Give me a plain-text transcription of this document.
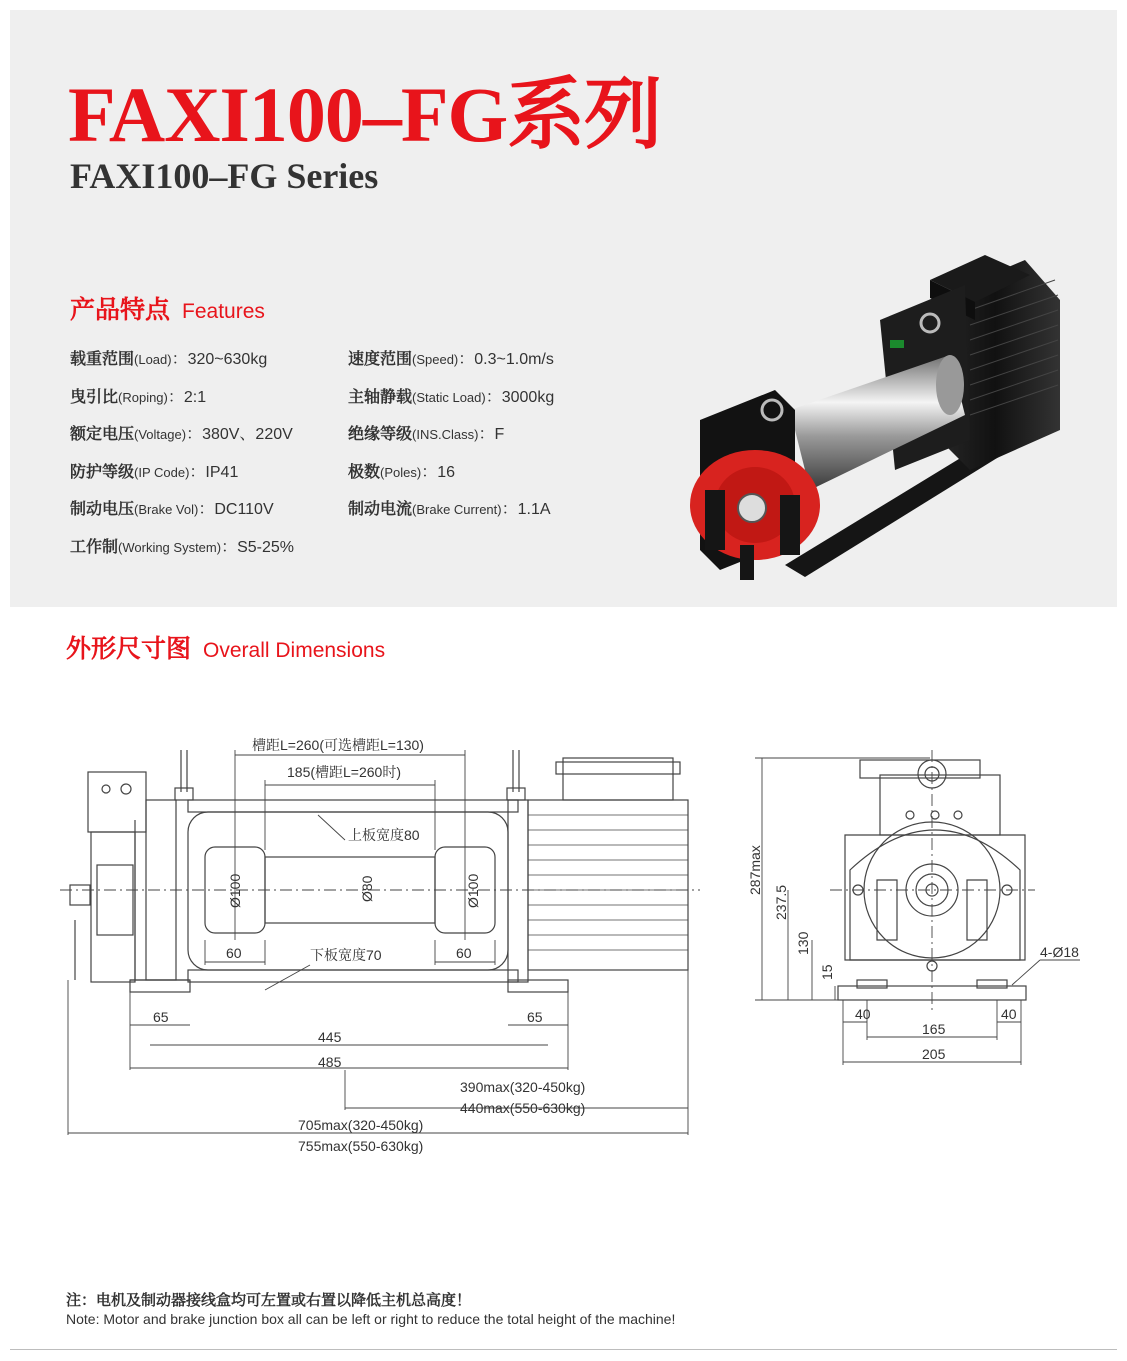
FAXI100–FG系列
FAXI100–FG Series
产品特点 Features
载重范围(Load)：320~630kg
曳引比(Roping)：2:1
额定电压(Voltage)：380V、220V
防护等级(IP Code)：IP41
制动电压(Brake Vol)：DC110V
工作制(Working System)：S5-25%
速度范围(Speed)：0.3~1.0m/s
主轴静载(Static Load)：3000kg
绝缘等级(INS.Class)：F
极数(Poles)：16
制动电流(Brake Current)：1.1A
外形尺寸图 Overall Dimensions
槽距L=260(可选槽距L=130)
185(槽距L=260时)
上板宽度80
下板宽度70
Ø100	Ø80	Ø100
60	60
65	65
445
485
390max(320-450kg)
440max(550-630kg)
705max(320-450kg)
755max(550-630kg)
287max
237.5
130
15
4-Ø18
40	40
165
205
注：电机及制动器接线盒均可左置或右置以降低主机总高度！
Note: Motor and brake junction box all can be left or right to reduce the total height of the machine!
